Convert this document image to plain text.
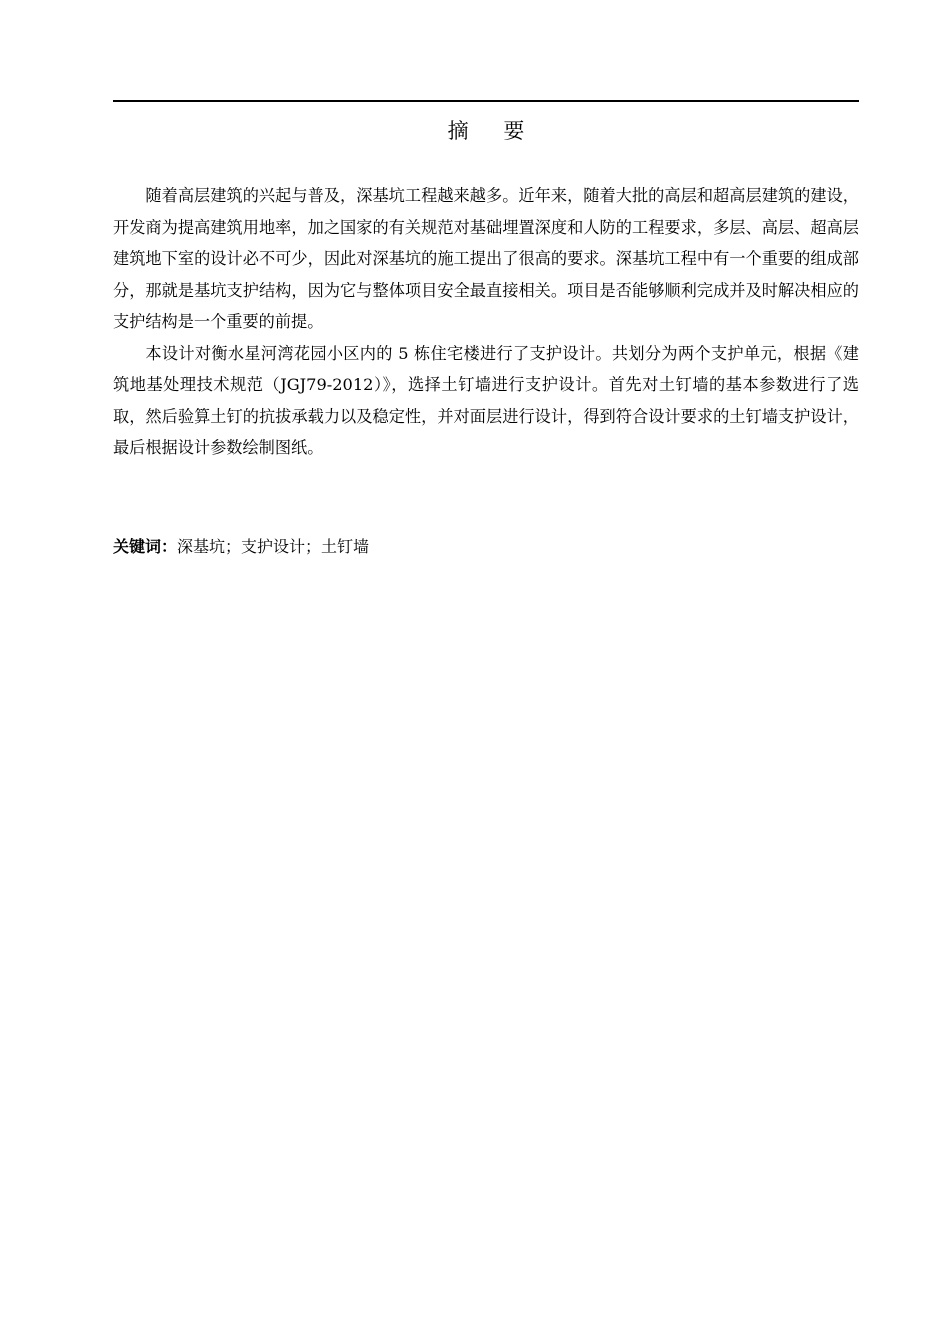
摘 要

随着高层建筑的兴起与普及，深基坑工程越来越多。近年来，随着大批的高层和超高层建筑的建设，开发商为提高建筑用地率，加之国家的有关规范对基础埋置深度和人防的工程要求，多层、高层、超高层建筑地下室的设计必不可少，因此对深基坑的施工提出了很高的要求。深基坑工程中有一个重要的组成部分，那就是基坑支护结构，因为它与整体项目安全最直接相关。项目是否能够顺利完成并及时解决相应的支护结构是一个重要的前提。

本设计对衡水星河湾花园小区内的 5 栋住宅楼进行了支护设计。共划分为两个支护单元，根据《建筑地基处理技术规范（JGJ79-2012）》，选择土钉墙进行支护设计。首先对土钉墙的基本参数进行了选取，然后验算土钉的抗拔承载力以及稳定性，并对面层进行设计，得到符合设计要求的土钉墙支护设计，最后根据设计参数绘制图纸。

关键词：深基坑；支护设计；土钉墙
